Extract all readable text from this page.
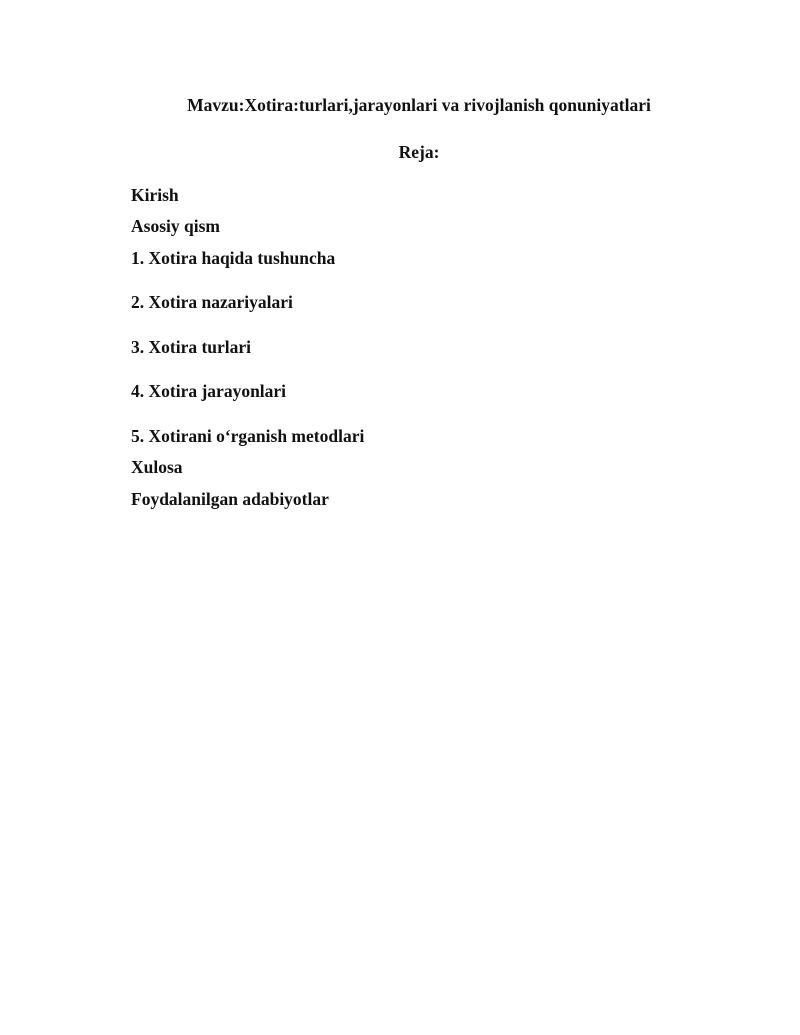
Mavzu:Xotira:turlari,jarayonlari va rivojlanish qonuniyatlari
Reja:
Kirish
Asosiy qism
1. Xotira haqida tushuncha
2. Xotira nazariyalari
3. Xotira turlari
4. Xotira jarayonlari
5. Xotirani o‘rganish metodlari
Xulosa
Foydalanilgan adabiyotlar
